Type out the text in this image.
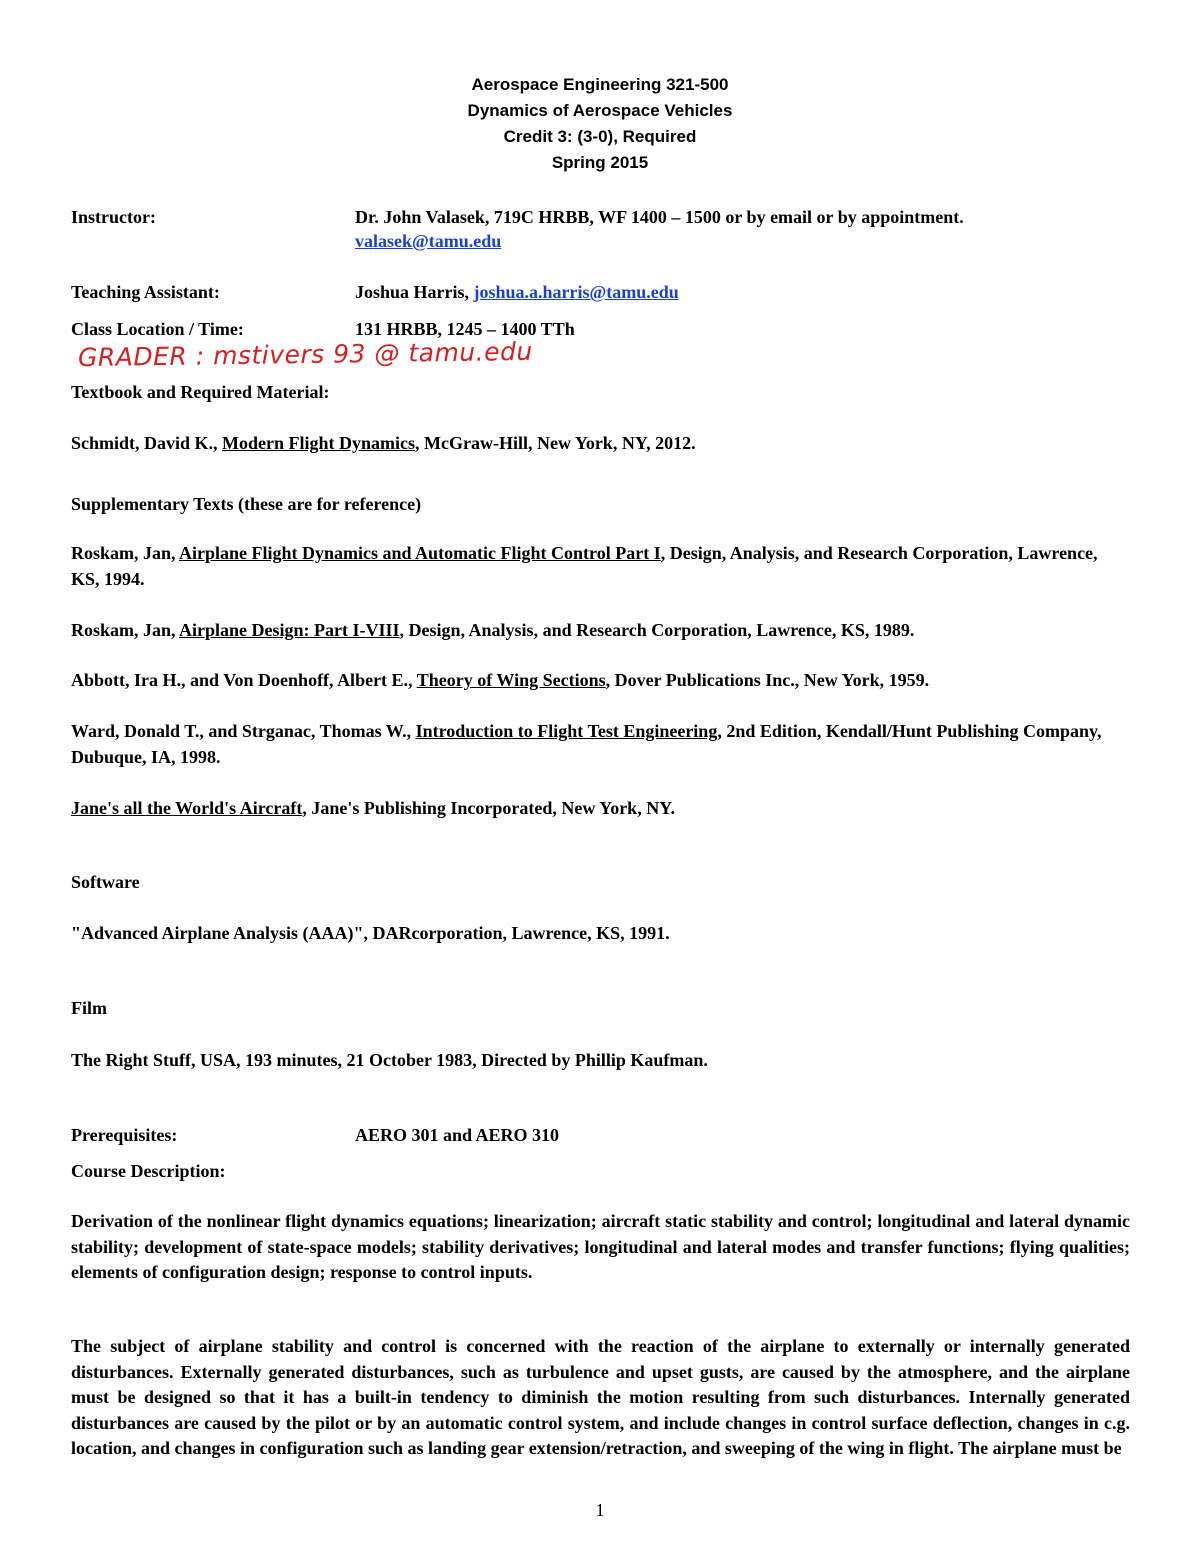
Aerospace Engineering 321-500
Dynamics of Aerospace Vehicles
Credit 3: (3-0), Required
Spring 2015
Instructor:	Dr. John Valasek, 719C HRBB, WF 1400 – 1500 or by email or by appointment.
valasek@tamu.edu
Teaching Assistant:	Joshua Harris, joshua.a.harris@tamu.edu
Class Location / Time:	131 HRBB, 1245 – 1400 TTh
GRADER : mstivers 93 @ tamu.edu
Textbook and Required Material:
Schmidt, David K., Modern Flight Dynamics, McGraw-Hill, New York, NY, 2012.
Supplementary Texts (these are for reference)
Roskam, Jan, Airplane Flight Dynamics and Automatic Flight Control Part I, Design, Analysis, and Research Corporation, Lawrence, KS, 1994.
Roskam, Jan, Airplane Design: Part I-VIII, Design, Analysis, and Research Corporation, Lawrence, KS, 1989.
Abbott, Ira H., and Von Doenhoff, Albert E., Theory of Wing Sections, Dover Publications Inc., New York, 1959.
Ward, Donald T., and Strganac, Thomas W., Introduction to Flight Test Engineering, 2nd Edition, Kendall/Hunt Publishing Company, Dubuque, IA, 1998.
Jane's all the World's Aircraft, Jane's Publishing Incorporated, New York, NY.
Software
"Advanced Airplane Analysis (AAA)", DARcorporation, Lawrence, KS, 1991.
Film
The Right Stuff, USA, 193 minutes, 21 October 1983, Directed by Phillip Kaufman.
Prerequisites:	AERO 301 and AERO 310
Course Description:
Derivation of the nonlinear flight dynamics equations; linearization; aircraft static stability and control; longitudinal and lateral dynamic stability; development of state-space models; stability derivatives; longitudinal and lateral modes and transfer functions; flying qualities; elements of configuration design; response to control inputs.
The subject of airplane stability and control is concerned with the reaction of the airplane to externally or internally generated disturbances. Externally generated disturbances, such as turbulence and upset gusts, are caused by the atmosphere, and the airplane must be designed so that it has a built-in tendency to diminish the motion resulting from such disturbances. Internally generated disturbances are caused by the pilot or by an automatic control system, and include changes in control surface deflection, changes in c.g. location, and changes in configuration such as landing gear extension/retraction, and sweeping of the wing in flight. The airplane must be
1
